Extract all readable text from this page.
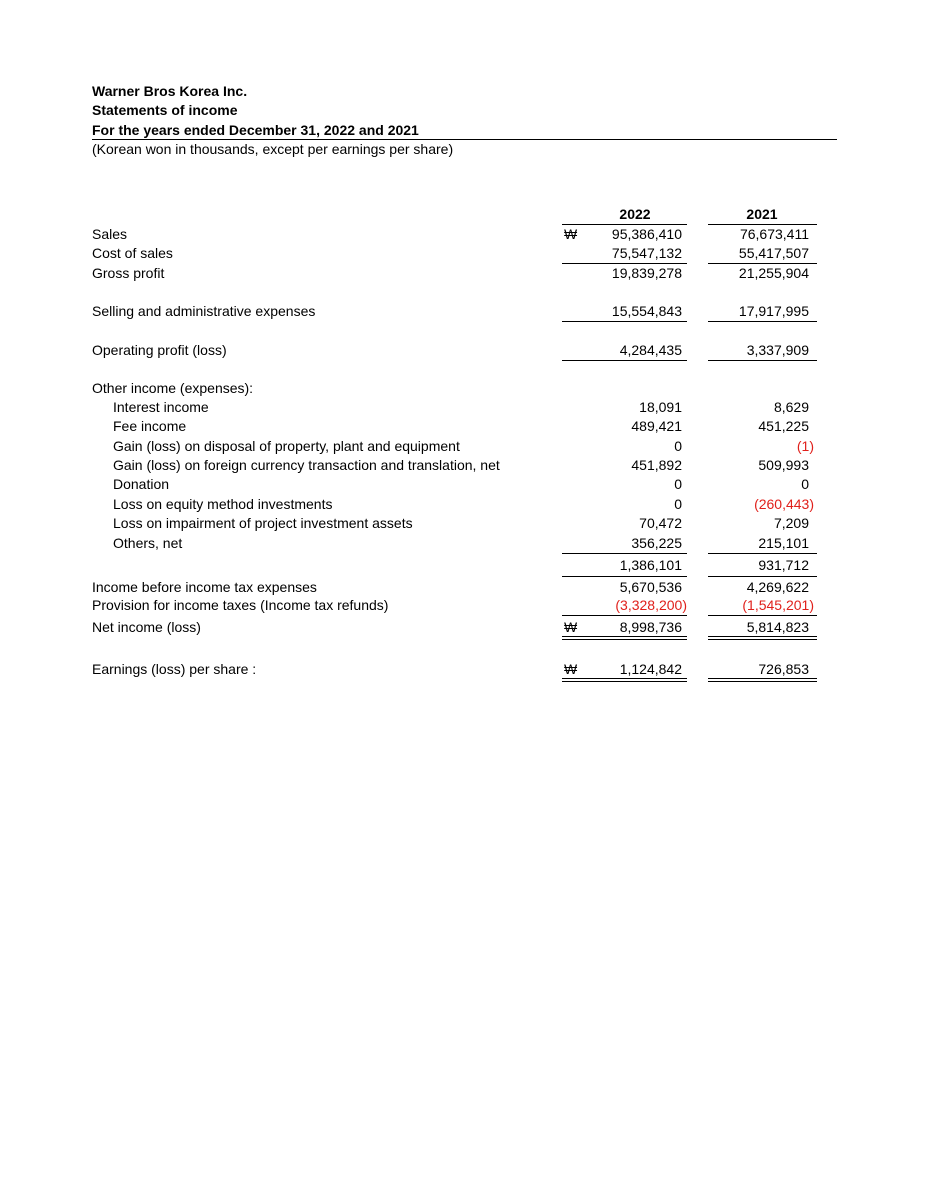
Warner Bros Korea Inc.
Statements of income
For the years ended December 31, 2022 and 2021
(Korean won in thousands, except per earnings per share)
2022	2021
Sales	₩ 95,386,410	76,673,411
Cost of sales	75,547,132	55,417,507
Gross profit	19,839,278	21,255,904
Selling and administrative expenses	15,554,843	17,917,995
Operating profit (loss)	4,284,435	3,337,909
Other income (expenses):
Interest income	18,091	8,629
Fee income	489,421	451,225
Gain (loss) on disposal of property, plant and equipment	0	(1)
Gain (loss) on foreign currency transaction and translation, net	451,892	509,993
Donation	0	0
Loss on equity method investments	0	(260,443)
Loss on impairment of project investment assets	70,472	7,209
Others, net	356,225	215,101
1,386,101	931,712
Income before income tax expenses	5,670,536	4,269,622
Provision for income taxes (Income tax refunds)	(3,328,200)	(1,545,201)
Net income (loss)	₩	8,998,736	5,814,823
Earnings (loss) per share :	₩	1,124,842	726,853
